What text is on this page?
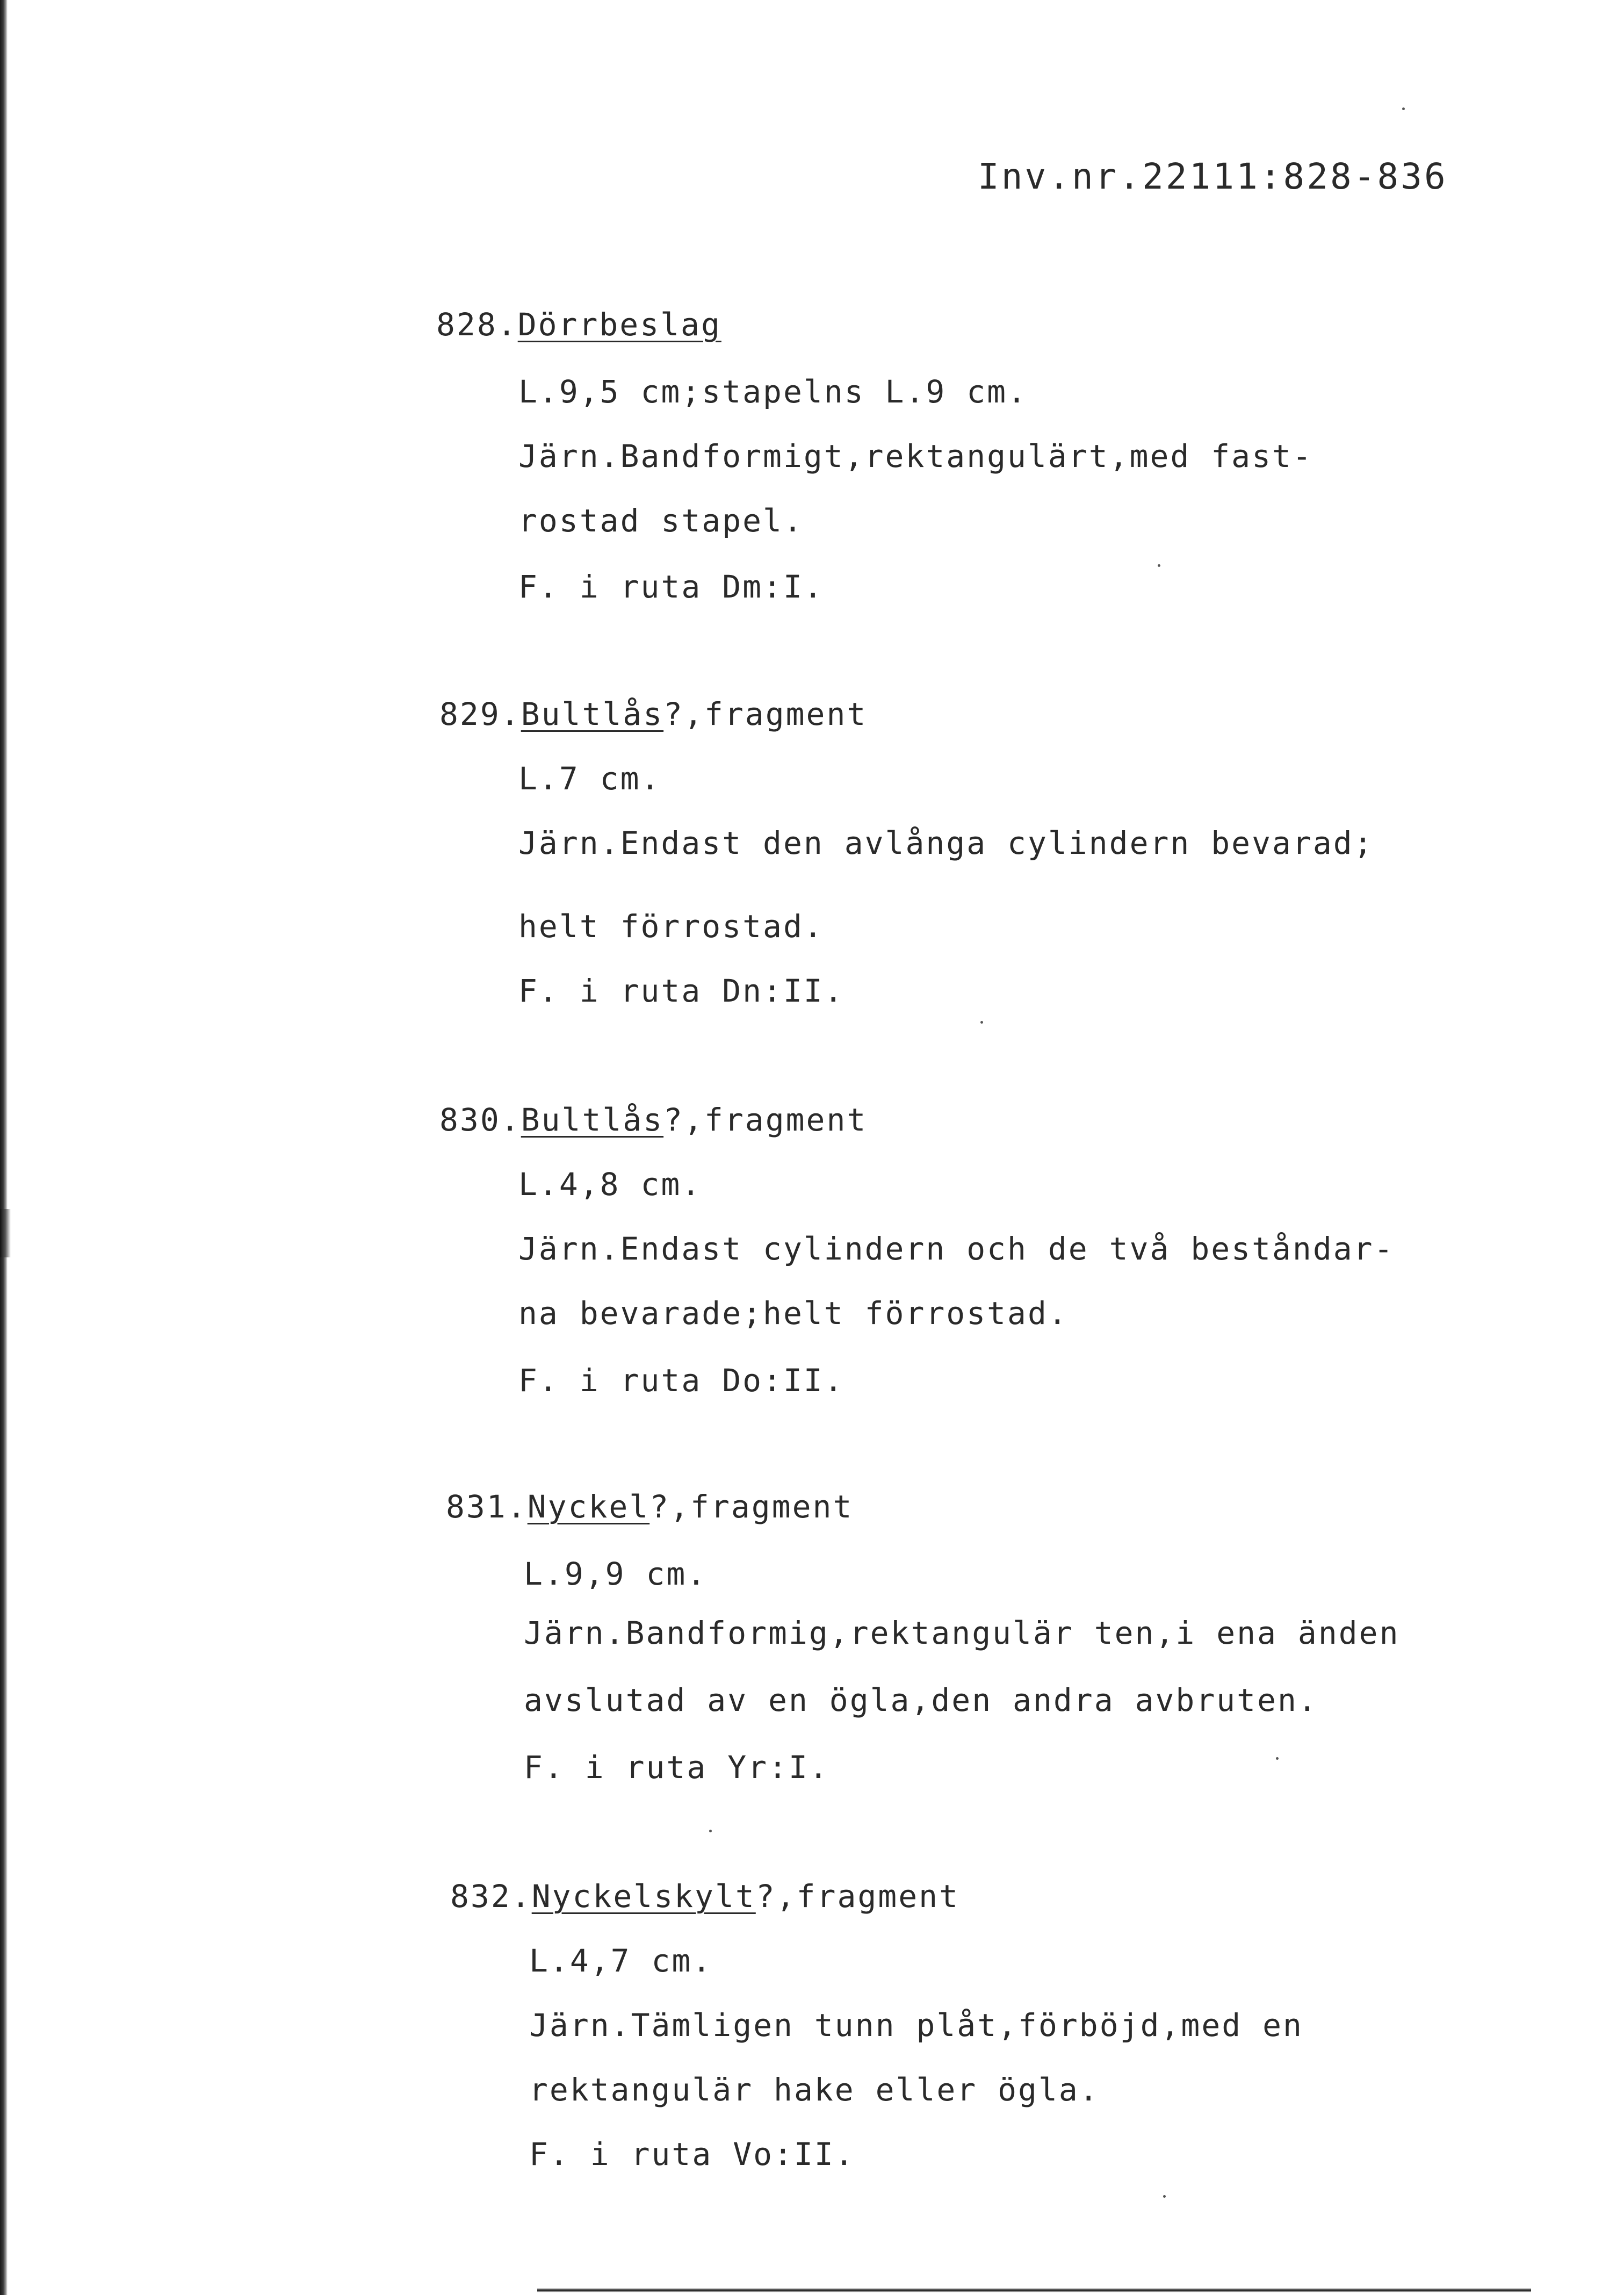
Inv.nr.22111:828-836
828.Dörrbeslag
L.9,5 cm;stapelns L.9 cm.
Järn.Bandformigt,rektangulärt,med fast-
rostad stapel.
F. i ruta Dm:I.
829.Bultlås?,fragment
L.7 cm.
Järn.Endast den avlånga cylindern bevarad;
helt förrostad.
F. i ruta Dn:II.
830.Bultlås?,fragment
L.4,8 cm.
Järn.Endast cylindern och de två beståndar-
na bevarade;helt förrostad.
F. i ruta Do:II.
831.Nyckel?,fragment
L.9,9 cm.
Järn.Bandformig,rektangulär ten,i ena änden
avslutad av en ögla,den andra avbruten.
F. i ruta Yr:I.
832.Nyckelskylt?,fragment
L.4,7 cm.
Järn.Tämligen tunn plåt,förböjd,med en
rektangulär hake eller ögla.
F. i ruta Vo:II.
